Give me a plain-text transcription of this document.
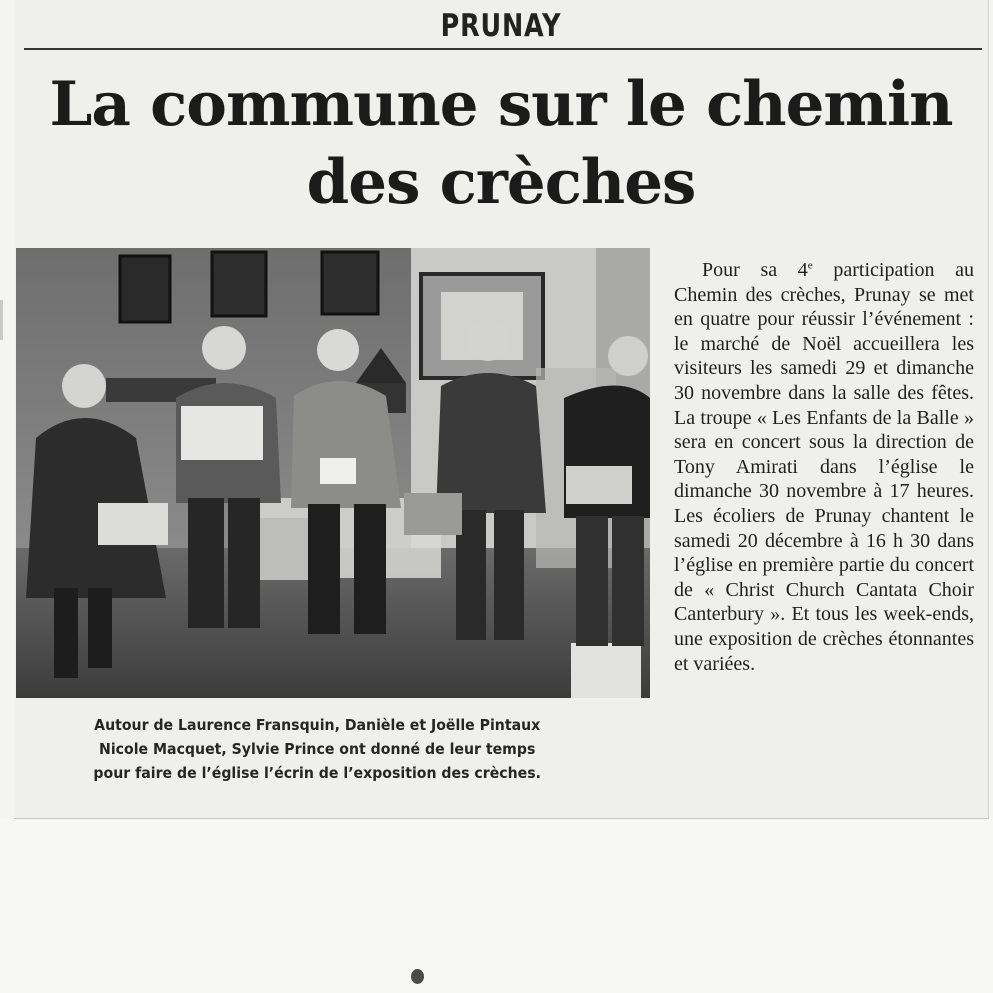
PRUNAY
La commune sur le chemin
des crèches
Autour de Laurence Fransquin, Danièle et Joëlle Pintaux
Nicole Macquet, Sylvie Prince ont donné de leur temps
pour faire de l’église l’écrin de l’exposition des crèches.

Pour sa 4e participation au Chemin des crèches, Prunay se met en quatre pour réussir l’événement : le marché de Noël accueillera les visiteurs les samedi 29 et dimanche 30 novembre dans la salle des fêtes. La troupe « Les Enfants de la Balle » sera en concert sous la direction de Tony Amirati dans l’église le dimanche 30 novembre à 17 heures. Les écoliers de Prunay chantent le samedi 20 décembre à 16 h 30 dans l’église en première partie du concert de « Christ Church Cantata Choir Canterbury ». Et tous les week-ends, une exposition de crèches étonnantes et variées.
